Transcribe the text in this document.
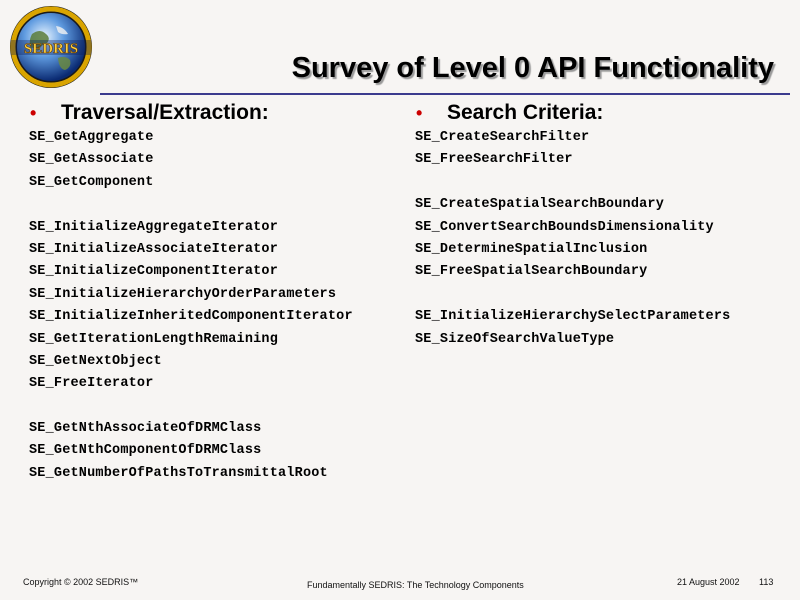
SEDRIS
Survey of Level 0 API Functionality
•	Traversal/Extraction:
SE_GetAggregate
SE_GetAssociate
SE_GetComponent
SE_InitializeAggregateIterator
SE_InitializeAssociateIterator
SE_InitializeComponentIterator
SE_InitializeHierarchyOrderParameters
SE_InitializeInheritedComponentIterator
SE_GetIterationLengthRemaining
SE_GetNextObject
SE_FreeIterator
SE_GetNthAssociateOfDRMClass
SE_GetNthComponentOfDRMClass
SE_GetNumberOfPathsToTransmittalRoot
•	Search Criteria:
SE_CreateSearchFilter
SE_FreeSearchFilter
SE_CreateSpatialSearchBoundary
SE_ConvertSearchBoundsDimensionality
SE_DetermineSpatialInclusion
SE_FreeSpatialSearchBoundary
SE_InitializeHierarchySelectParameters
SE_SizeOfSearchValueType
Copyright © 2002 SEDRIS™	Fundamentally SEDRIS: The Technology Components	21 August 2002 113
